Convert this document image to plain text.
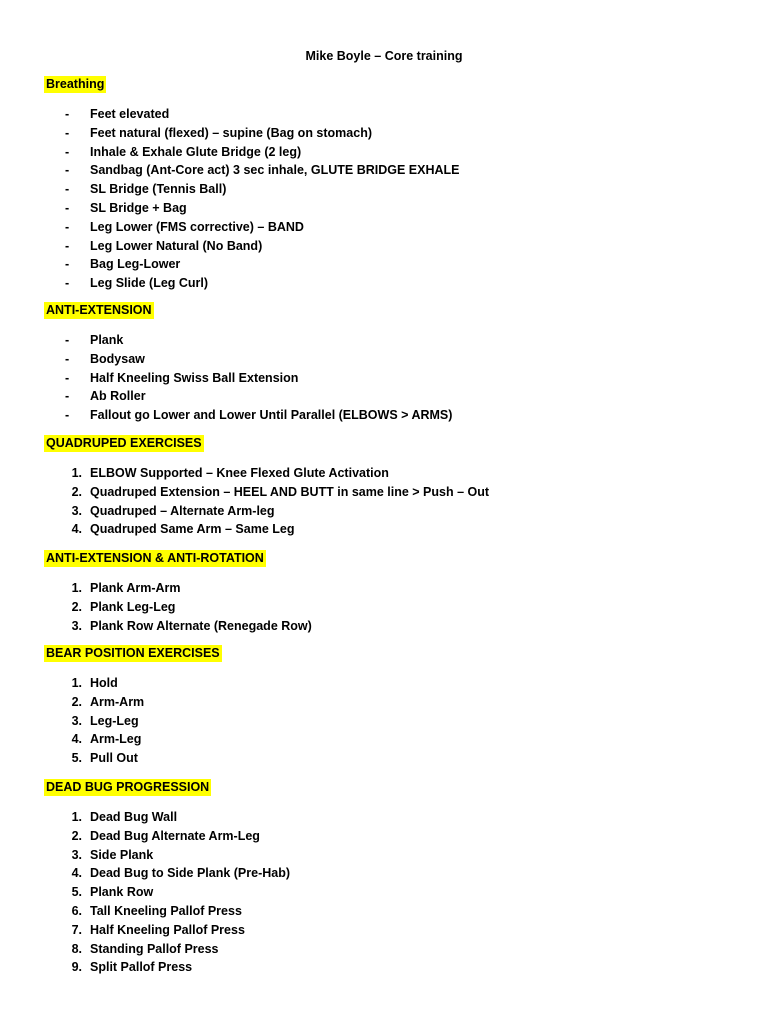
Mike Boyle – Core training
Breathing
-	Feet elevated
-	Feet natural (flexed) – supine (Bag on stomach)
-	Inhale & Exhale Glute Bridge (2 leg)
-	Sandbag (Ant-Core act) 3 sec inhale, GLUTE BRIDGE EXHALE
-	SL Bridge (Tennis Ball)
-	SL Bridge + Bag
-	Leg Lower (FMS corrective) – BAND
-	Leg Lower Natural (No Band)
-	Bag Leg-Lower
-	Leg Slide (Leg Curl)
ANTI-EXTENSION
-	Plank
-	Bodysaw
-	Half Kneeling Swiss Ball Extension
-	Ab Roller
-	Fallout go Lower and Lower Until Parallel (ELBOWS > ARMS)
QUADRUPED EXERCISES
1. ELBOW Supported – Knee Flexed Glute Activation
2. Quadruped Extension – HEEL AND BUTT in same line > Push – Out
3. Quadruped – Alternate Arm-leg
4. Quadruped Same Arm – Same Leg
ANTI-EXTENSION & ANTI-ROTATION
1. Plank Arm-Arm
2. Plank Leg-Leg
3. Plank Row Alternate (Renegade Row)
BEAR POSITION EXERCISES
1. Hold
2. Arm-Arm
3. Leg-Leg
4. Arm-Leg
5. Pull Out
DEAD BUG PROGRESSION
1. Dead Bug Wall
2. Dead Bug Alternate Arm-Leg
3. Side Plank
4. Dead Bug to Side Plank (Pre-Hab)
5. Plank Row
6. Tall Kneeling Pallof Press
7. Half Kneeling Pallof Press
8. Standing Pallof Press
9. Split Pallof Press
